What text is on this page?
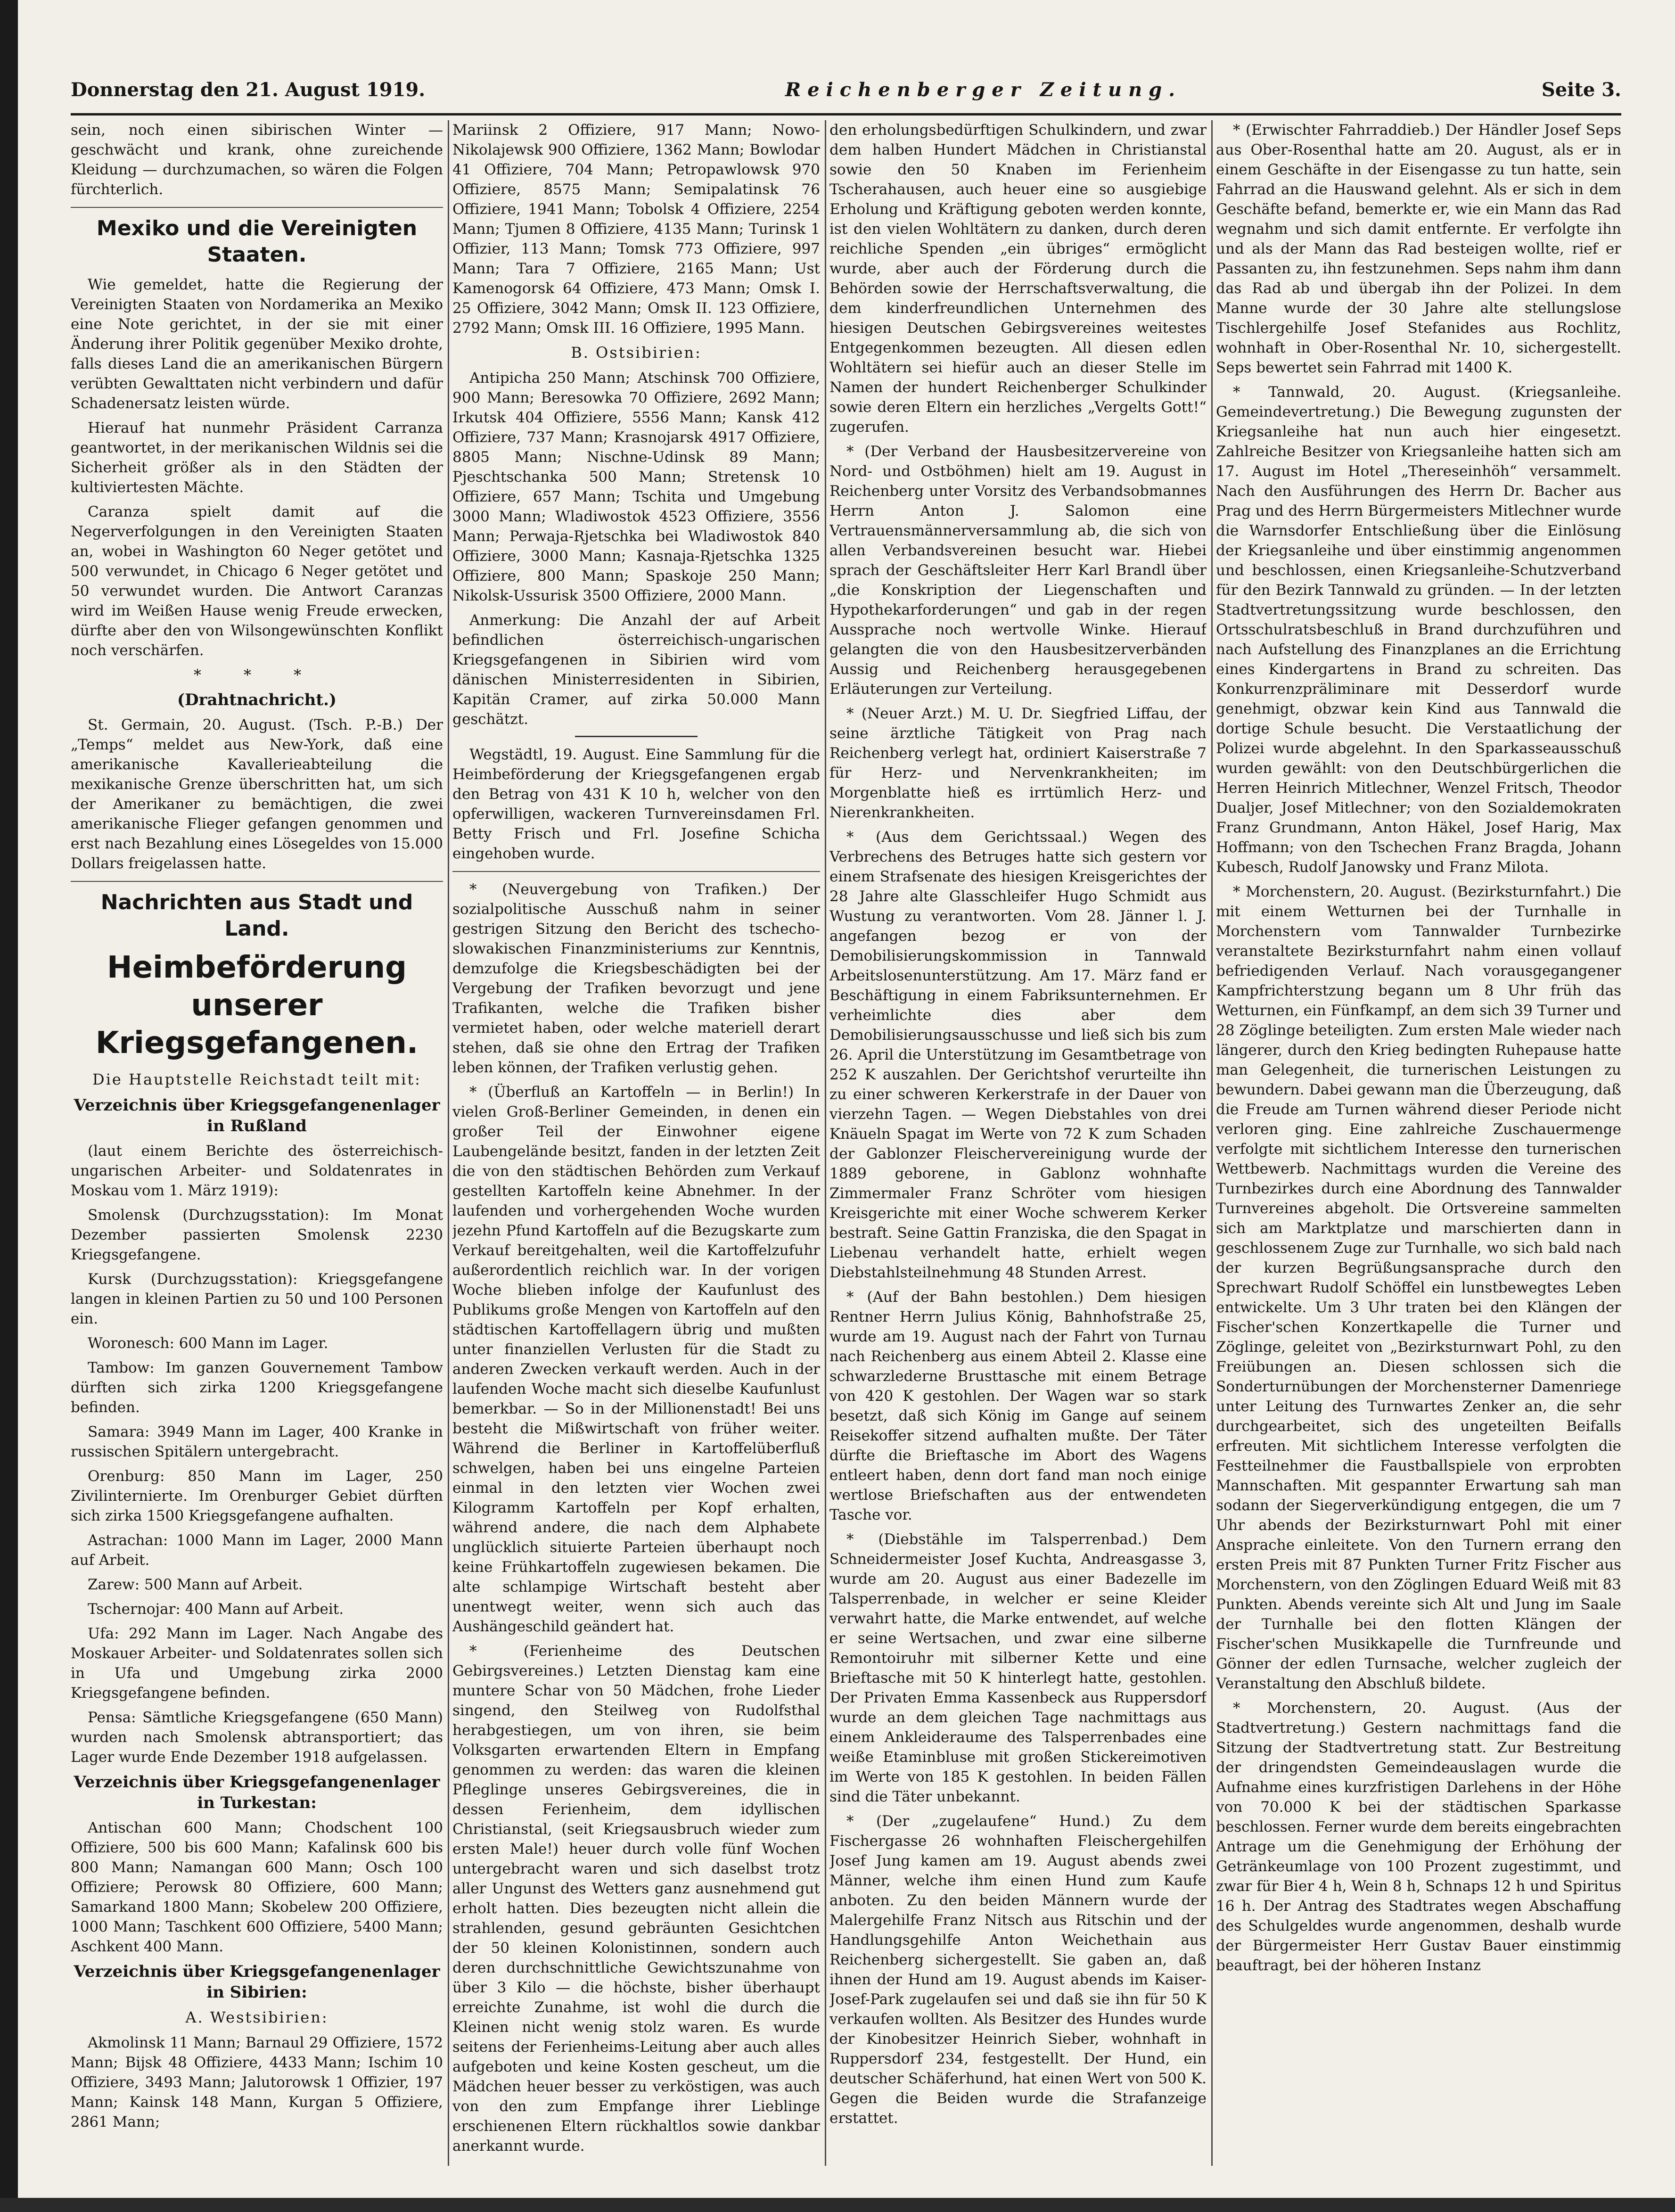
Donnerstag den 21. August 1919.	Reichenberger Zeitung.	Seite 3.

sein, noch einen sibirischen Winter — geschwächt und krank, ohne zureichende Kleidung — durchzumachen, so wären die Folgen fürchterlich.

Mexiko und die Vereinigten Staaten.

Wie gemeldet, hatte die Regierung der Vereinigten Staaten von Nordamerika an Mexiko eine Note gerichtet, in der sie mit einer Änderung ihrer Politik gegenüber Mexiko drohte, falls dieses Land die an amerikanischen Bürgern verübten Gewalttaten nicht verbindern und dafür Schadenersatz leisten würde.

Hierauf hat nunmehr Präsident Carranza geantwortet, in der merikanischen Wildnis sei die Sicherheit größer als in den Städten der kultiviertesten Mächte.

Caranza spielt damit auf die Negerverfolgungen in den Vereinigten Staaten an, wobei in Washington 60 Neger getötet und 500 verwundet, in Chicago 6 Neger getötet und 50 verwundet wurden. Die Antwort Caranzas wird im Weißen Hause wenig Freude erwecken, dürfte aber den von Wilsongewünschten Konflikt noch verschärfen.

* * *
(Drahtnachricht.)

St. Germain, 20. August. (Tsch. P.-B.) Der „Temps“ meldet aus New-York, daß eine amerikanische Kavallerieabteilung die mexikanische Grenze überschritten hat, um sich der Amerikaner zu bemächtigen, die zwei amerikanische Flieger gefangen genommen und erst nach Bezahlung eines Lösegeldes von 15.000 Dollars freigelassen hatte.

Nachrichten aus Stadt und Land.
Heimbeförderung unserer Kriegsgefangenen.
Die Hauptstelle Reichstadt teilt mit:
Verzeichnis über Kriegsgefangenenlager in Rußland

(laut einem Berichte des österreichisch-ungarischen Arbeiter- und Soldatenrates in Moskau vom 1. März 1919):

Smolensk (Durchzugsstation): Im Monat Dezember passierten Smolensk 2230 Kriegsgefangene.

Kursk (Durchzugsstation): Kriegsgefangene langen in kleinen Partien zu 50 und 100 Personen ein.

Woronesch: 600 Mann im Lager.

Tambow: Im ganzen Gouvernement Tambow dürften sich zirka 1200 Kriegsgefangene befinden.

Samara: 3949 Mann im Lager, 400 Kranke in russischen Spitälern untergebracht.

Orenburg: 850 Mann im Lager, 250 Zivilinternierte. Im Orenburger Gebiet dürften sich zirka 1500 Kriegsgefangene aufhalten.

Astrachan: 1000 Mann im Lager, 2000 Mann auf Arbeit.

Zarew: 500 Mann auf Arbeit.

Tschernojar: 400 Mann auf Arbeit.

Ufa: 292 Mann im Lager. Nach Angabe des Moskauer Arbeiter- und Soldatenrates sollen sich in Ufa und Umgebung zirka 2000 Kriegsgefangene befinden.

Pensa: Sämtliche Kriegsgefangene (650 Mann) wurden nach Smolensk abtransportiert; das Lager wurde Ende Dezember 1918 aufgelassen.

Verzeichnis über Kriegsgefangenenlager in Turkestan:

Antischan 600 Mann; Chodschent 100 Offiziere, 500 bis 600 Mann; Kafalinsk 600 bis 800 Mann; Namangan 600 Mann; Osch 100 Offiziere; Perowsk 80 Offiziere, 600 Mann; Samarkand 1800 Mann; Skobelew 200 Offiziere, 1000 Mann; Taschkent 600 Offiziere, 5400 Mann; Aschkent 400 Mann.

Verzeichnis über Kriegsgefangenenlager in Sibirien:
A. Westsibirien:

Akmolinsk 11 Mann; Barnaul 29 Offiziere, 1572 Mann; Bijsk 48 Offiziere, 4433 Mann; Ischim 10 Offiziere, 3493 Mann; Jalutorowsk 1 Offizier, 197 Mann; Kainsk 148 Mann, Kurgan 5 Offiziere, 2861 Mann;

Mariinsk 2 Offiziere, 917 Mann; Nowo-Nikolajewsk 900 Offiziere, 1362 Mann; Bowlodar 41 Offiziere, 704 Mann; Petropawlowsk 970 Offiziere, 8575 Mann; Semipalatinsk 76 Offiziere, 1941 Mann; Tobolsk 4 Offiziere, 2254 Mann; Tjumen 8 Offiziere, 4135 Mann; Turinsk 1 Offizier, 113 Mann; Tomsk 773 Offiziere, 997 Mann; Tara 7 Offiziere, 2165 Mann; Ust Kamenogorsk 64 Offiziere, 473 Mann; Omsk I. 25 Offiziere, 3042 Mann; Omsk II. 123 Offiziere, 2792 Mann; Omsk III. 16 Offiziere, 1995 Mann.

B. Ostsibirien:

Antipicha 250 Mann; Atschinsk 700 Offiziere, 900 Mann; Beresowka 70 Offiziere, 2692 Mann; Irkutsk 404 Offiziere, 5556 Mann; Kansk 412 Offiziere, 737 Mann; Krasnojarsk 4917 Offiziere, 8805 Mann; Nischne-Udinsk 89 Mann; Pjeschtschanka 500 Mann; Stretensk 10 Offiziere, 657 Mann; Tschita und Umgebung 3000 Mann; Wladiwostok 4523 Offiziere, 3556 Mann; Perwaja-Rjetschka bei Wladiwostok 840 Offiziere, 3000 Mann; Kasnaja-Rjetschka 1325 Offiziere, 800 Mann; Spaskoje 250 Mann; Nikolsk-Ussurisk 3500 Offiziere, 2000 Mann.

Anmerkung: Die Anzahl der auf Arbeit befindlichen österreichisch-ungarischen Kriegsgefangenen in Sibirien wird vom dänischen Ministerresidenten in Sibirien, Kapitän Cramer, auf zirka 50.000 Mann geschätzt.

Wegstädtl, 19. August. Eine Sammlung für die Heimbeförderung der Kriegsgefangenen ergab den Betrag von 431 K 10 h, welcher von den opferwilligen, wackeren Turnvereinsdamen Frl. Betty Frisch und Frl. Josefine Schicha eingehoben wurde.

* (Neuvergebung von Trafiken.) Der sozialpolitische Ausschuß nahm in seiner gestrigen Sitzung den Bericht des tschecho-slowakischen Finanzministeriums zur Kenntnis, demzufolge die Kriegsbeschädigten bei der Vergebung der Trafiken bevorzugt und jene Trafikanten, welche die Trafiken bisher vermietet haben, oder welche materiell derart stehen, daß sie ohne den Ertrag der Trafiken leben können, der Trafiken verlustig gehen.

* (Überfluß an Kartoffeln — in Berlin!) In vielen Groß-Berliner Gemeinden, in denen ein großer Teil der Einwohner eigene Laubengelände besitzt, fanden in der letzten Zeit die von den städtischen Behörden zum Verkauf gestellten Kartoffeln keine Abnehmer. In der laufenden und vorhergehenden Woche wurden jezehn Pfund Kartoffeln auf die Bezugskarte zum Verkauf bereitgehalten, weil die Kartoffelzufuhr außerordentlich reichlich war. In der vorigen Woche blieben infolge der Kaufunlust des Publikums große Mengen von Kartoffeln auf den städtischen Kartoffellagern übrig und mußten unter finanziellen Verlusten für die Stadt zu anderen Zwecken verkauft werden. Auch in der laufenden Woche macht sich dieselbe Kaufunlust bemerkbar. — So in der Millionenstadt! Bei uns besteht die Mißwirtschaft von früher weiter. Während die Berliner in Kartoffelüberfluß schwelgen, haben bei uns eingelne Parteien einmal in den letzten vier Wochen zwei Kilogramm Kartoffeln per Kopf erhalten, während andere, die nach dem Alphabete unglücklich situierte Parteien überhaupt noch keine Frühkartoffeln zugewiesen bekamen. Die alte schlampige Wirtschaft besteht aber unentwegt weiter, wenn sich auch das Aushängeschild geändert hat.

* (Ferienheime des Deutschen Gebirgsvereines.) Letzten Dienstag kam eine muntere Schar von 50 Mädchen, frohe Lieder singend, den Steilweg von Rudolfsthal herabgestiegen, um von ihren, sie beim Volksgarten erwartenden Eltern in Empfang genommen zu werden: das waren die kleinen Pfleglinge unseres Gebirgsvereines, die in dessen Ferienheim, dem idyllischen Christianstal, (seit Kriegsausbruch wieder zum ersten Male!) heuer durch volle fünf Wochen untergebracht waren und sich daselbst trotz aller Ungunst des Wetters ganz ausnehmend gut erholt hatten. Dies bezeugten nicht allein die strahlenden, gesund gebräunten Gesichtchen der 50 kleinen Kolonistinnen, sondern auch deren durchschnittliche Gewichtszunahme von über 3 Kilo — die höchste, bisher überhaupt erreichte Zunahme, ist wohl die durch die Kleinen nicht wenig stolz waren. Es wurde seitens der Ferienheims-Leitung aber auch alles aufgeboten und keine Kosten gescheut, um die Mädchen heuer besser zu verköstigen, was auch von den zum Empfange ihrer Lieblinge erschienenen Eltern rückhaltlos sowie dankbar anerkannt wurde.

den erholungsbedürftigen Schulkindern, und zwar dem halben Hundert Mädchen in Christianstal sowie den 50 Knaben im Ferienheim Tscherahausen, auch heuer eine so ausgiebige Erholung und Kräftigung geboten werden konnte, ist den vielen Wohltätern zu danken, durch deren reichliche Spenden „ein übriges“ ermöglicht wurde, aber auch der Förderung durch die Behörden sowie der Herrschaftsverwaltung, die dem kinderfreundlichen Unternehmen des hiesigen Deutschen Gebirgsvereines weitestes Entgegenkommen bezeugten. All diesen edlen Wohltätern sei hiefür auch an dieser Stelle im Namen der hundert Reichenberger Schulkinder sowie deren Eltern ein herzliches „Vergelts Gott!“ zugerufen.

* (Der Verband der Hausbesitzervereine von Nord- und Ostböhmen) hielt am 19. August in Reichenberg unter Vorsitz des Verbandsobmannes Herrn Anton J. Salomon eine Vertrauensmännerversammlung ab, die sich von allen Verbandsvereinen besucht war. Hiebei sprach der Geschäftsleiter Herr Karl Brandl über „die Konskription der Liegenschaften und Hypothekarforderungen“ und gab in der regen Aussprache noch wertvolle Winke. Hierauf gelangten die von den Hausbesitzerverbänden Aussig und Reichenberg herausgegebenen Erläuterungen zur Verteilung.

* (Neuer Arzt.) M. U. Dr. Siegfried Liffau, der seine ärztliche Tätigkeit von Prag nach Reichenberg verlegt hat, ordiniert Kaiserstraße 7 für Herz- und Nervenkrankheiten; im Morgenblatte hieß es irrtümlich Herz- und Nierenkrankheiten.

* (Aus dem Gerichtssaal.) Wegen des Verbrechens des Betruges hatte sich gestern vor einem Strafsenate des hiesigen Kreisgerichtes der 28 Jahre alte Glasschleifer Hugo Schmidt aus Wustung zu verantworten. Vom 28. Jänner l. J. angefangen bezog er von der Demobilisierungskommission in Tannwald Arbeitslosenunterstützung. Am 17. März fand er Beschäftigung in einem Fabriksunternehmen. Er verheimlichte dies aber dem Demobilisierungsausschusse und ließ sich bis zum 26. April die Unterstützung im Gesamtbetrage von 252 K auszahlen. Der Gerichtshof verurteilte ihn zu einer schweren Kerkerstrafe in der Dauer von vierzehn Tagen. — Wegen Diebstahles von drei Knäueln Spagat im Werte von 72 K zum Schaden der Gablonzer Fleischervereinigung wurde der 1889 geborene, in Gablonz wohnhafte Zimmermaler Franz Schröter vom hiesigen Kreisgerichte mit einer Woche schwerem Kerker bestraft. Seine Gattin Franziska, die den Spagat in Liebenau verhandelt hatte, erhielt wegen Diebstahlsteilnehmung 48 Stunden Arrest.

* (Auf der Bahn bestohlen.) Dem hiesigen Rentner Herrn Julius König, Bahnhofstraße 25, wurde am 19. August nach der Fahrt von Turnau nach Reichenberg aus einem Abteil 2. Klasse eine schwarzlederne Brusttasche mit einem Betrage von 420 K gestohlen. Der Wagen war so stark besetzt, daß sich König im Gange auf seinem Reisekoffer sitzend aufhalten mußte. Der Täter dürfte die Brieftasche im Abort des Wagens entleert haben, denn dort fand man noch einige wertlose Briefschaften aus der entwendeten Tasche vor.

* (Diebstähle im Talsperrenbad.) Dem Schneidermeister Josef Kuchta, Andreasgasse 3, wurde am 20. August aus einer Badezelle im Talsperrenbade, in welcher er seine Kleider verwahrt hatte, die Marke entwendet, auf welche er seine Wertsachen, und zwar eine silberne Remontoiruhr mit silberner Kette und eine Brieftasche mit 50 K hinterlegt hatte, gestohlen. Der Privaten Emma Kassenbeck aus Ruppersdorf wurde an dem gleichen Tage nachmittags aus einem Ankleideraume des Talsperrenbades eine weiße Etaminbluse mit großen Stickereimotiven im Werte von 185 K gestohlen. In beiden Fällen sind die Täter unbekannt.

* (Der „zugelaufene“ Hund.) Zu dem Fischergasse 26 wohnhaften Fleischergehilfen Josef Jung kamen am 19. August abends zwei Männer, welche ihm einen Hund zum Kaufe anboten. Zu den beiden Männern wurde der Malergehilfe Franz Nitsch aus Ritschin und der Handlungsgehilfe Anton Weichethain aus Reichenberg sichergestellt. Sie gaben an, daß ihnen der Hund am 19. August abends im Kaiser-Josef-Park zugelaufen sei und daß sie ihn für 50 K verkaufen wollten. Als Besitzer des Hundes wurde der Kinobesitzer Heinrich Sieber, wohnhaft in Ruppersdorf 234, festgestellt. Der Hund, ein deutscher Schäferhund, hat einen Wert von 500 K. Gegen die Beiden wurde die Strafanzeige erstattet.

* (Erwischter Fahrraddieb.) Der Händler Josef Seps aus Ober-Rosenthal hatte am 20. August, als er in einem Geschäfte in der Eisengasse zu tun hatte, sein Fahrrad an die Hauswand gelehnt. Als er sich in dem Geschäfte befand, bemerkte er, wie ein Mann das Rad wegnahm und sich damit entfernte. Er verfolgte ihn und als der Mann das Rad besteigen wollte, rief er Passanten zu, ihn festzunehmen. Seps nahm ihm dann das Rad ab und übergab ihn der Polizei. In dem Manne wurde der 30 Jahre alte stellungslose Tischlergehilfe Josef Stefanides aus Rochlitz, wohnhaft in Ober-Rosenthal Nr. 10, sichergestellt. Seps bewertet sein Fahrrad mit 1400 K.

* Tannwald, 20. August. (Kriegsanleihe. Gemeindevertretung.) Die Bewegung zugunsten der Kriegsanleihe hat nun auch hier eingesetzt. Zahlreiche Besitzer von Kriegsanleihe hatten sich am 17. August im Hotel „Thereseinhöh“ versammelt. Nach den Ausführungen des Herrn Dr. Bacher aus Prag und des Herrn Bürgermeisters Mitlechner wurde die Warnsdorfer Entschließung über die Einlösung der Kriegsanleihe und über einstimmig angenommen und beschlossen, einen Kriegsanleihe-Schutzverband für den Bezirk Tannwald zu gründen. — In der letzten Stadtvertretungssitzung wurde beschlossen, den Ortsschulratsbeschluß in Brand durchzuführen und nach Aufstellung des Finanzplanes an die Errichtung eines Kindergartens in Brand zu schreiten. Das Konkurrenzpräliminare mit Desserdorf wurde genehmigt, obzwar kein Kind aus Tannwald die dortige Schule besucht. Die Verstaatlichung der Polizei wurde abgelehnt. In den Sparkasseausschuß wurden gewählt: von den Deutschbürgerlichen die Herren Heinrich Mitlechner, Wenzel Fritsch, Theodor Dualjer, Josef Mitlechner; von den Sozialdemokraten Franz Grundmann, Anton Häkel, Josef Harig, Max Hoffmann; von den Tschechen Franz Bragda, Johann Kubesch, Rudolf Janowsky und Franz Milota.

* Morchenstern, 20. August. (Bezirksturnfahrt.) Die mit einem Wetturnen bei der Turnhalle in Morchenstern vom Tannwalder Turnbezirke veranstaltete Bezirksturnfahrt nahm einen vollauf befriedigenden Verlauf. Nach vorausgegangener Kampfrichterstzung begann um 8 Uhr früh das Wetturnen, ein Fünfkampf, an dem sich 39 Turner und 28 Zöglinge beteiligten. Zum ersten Male wieder nach längerer, durch den Krieg bedingten Ruhepause hatte man Gelegenheit, die turnerischen Leistungen zu bewundern. Dabei gewann man die Überzeugung, daß die Freude am Turnen während dieser Periode nicht verloren ging. Eine zahlreiche Zuschauermenge verfolgte mit sichtlichem Interesse den turnerischen Wettbewerb. Nachmittags wurden die Vereine des Turnbezirkes durch eine Abordnung des Tannwalder Turnvereines abgeholt. Die Ortsvereine sammelten sich am Marktplatze und marschierten dann in geschlossenem Zuge zur Turnhalle, wo sich bald nach der kurzen Begrüßungsansprache durch den Sprechwart Rudolf Schöffel ein lunstbewegtes Leben entwickelte. Um 3 Uhr traten bei den Klängen der Fischer'schen Konzertkapelle die Turner und Zöglinge, geleitet von „Bezirksturnwart Pohl, zu den Freiübungen an. Diesen schlossen sich die Sonderturnübungen der Morchensterner Damenriege unter Leitung des Turnwartes Zenker an, die sehr durchgearbeitet, sich des ungeteilten Beifalls erfreuten. Mit sichtlichem Interesse verfolgten die Festteilnehmer die Faustballspiele von erprobten Mannschaften. Mit gespannter Erwartung sah man sodann der Siegerverkündigung entgegen, die um 7 Uhr abends der Bezirksturnwart Pohl mit einer Ansprache einleitete. Von den Turnern errang den ersten Preis mit 87 Punkten Turner Fritz Fischer aus Morchenstern, von den Zöglingen Eduard Weiß mit 83 Punkten. Abends vereinte sich Alt und Jung im Saale der Turnhalle bei den flotten Klängen der Fischer'schen Musikkapelle die Turnfreunde und Gönner der edlen Turnsache, welcher zugleich der Veranstaltung den Abschluß bildete.

* Morchenstern, 20. August. (Aus der Stadtvertretung.) Gestern nachmittags fand die Sitzung der Stadtvertretung statt. Zur Bestreitung der dringendsten Gemeindeauslagen wurde die Aufnahme eines kurzfristigen Darlehens in der Höhe von 70.000 K bei der städtischen Sparkasse beschlossen. Ferner wurde dem bereits eingebrachten Antrage um die Genehmigung der Erhöhung der Getränkeumlage von 100 Prozent zugestimmt, und zwar für Bier 4 h, Wein 8 h, Schnaps 12 h und Spiritus 16 h. Der Antrag des Stadtrates wegen Abschaffung des Schulgeldes wurde angenommen, deshalb wurde der Bürgermeister Herr Gustav Bauer einstimmig beauftragt, bei der höheren Instanz
